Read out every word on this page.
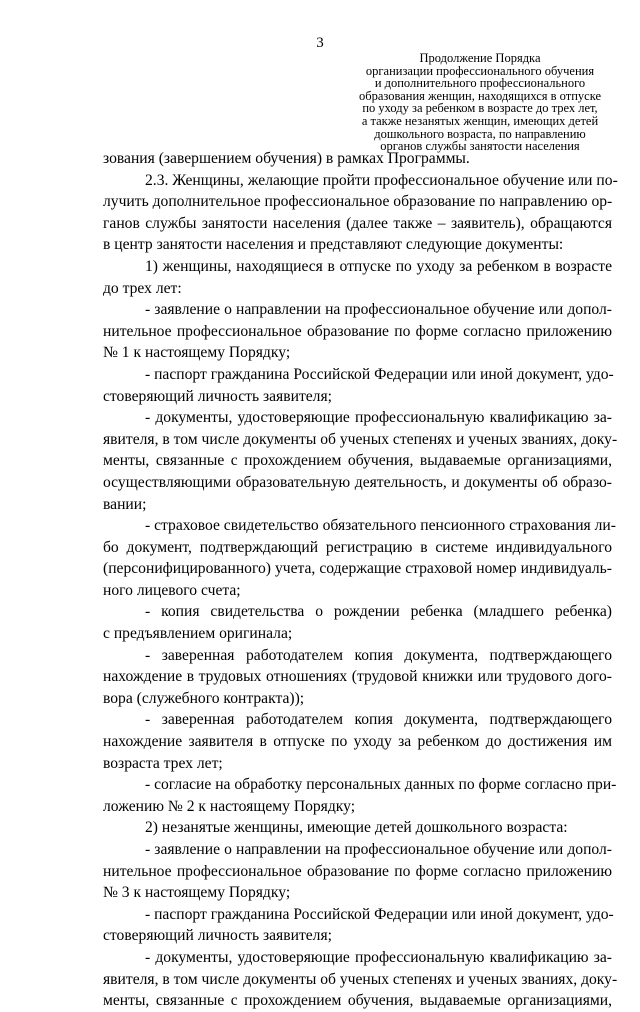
3
Продолжение Порядка
организации профессионального обучения
и дополнительного профессионального
образования женщин, находящихся в отпуске
по уходу за ребенком в возрасте до трех лет,
а также незанятых женщин, имеющих детей
дошкольного возраста, по направлению
органов службы занятости населения
зования (завершением обучения) в рамках Программы.
2.3. Женщины, желающие пройти профессиональное обучение или по-
лучить дополнительное профессиональное образование по направлению ор-
ганов службы занятости населения (далее также – заявитель), обращаются
в центр занятости населения и представляют следующие документы:
1) женщины, находящиеся в отпуске по уходу за ребенком в возрасте
до трех лет:
- заявление о направлении на профессиональное обучение или допол-
нительное профессиональное образование по форме согласно приложению
№ 1 к настоящему Порядку;
- паспорт гражданина Российской Федерации или иной документ, удо-
стоверяющий личность заявителя;
- документы, удостоверяющие профессиональную квалификацию за-
явителя, в том числе документы об ученых степенях и ученых званиях, доку-
менты, связанные с прохождением обучения, выдаваемые организациями,
осуществляющими образовательную деятельность, и документы об образо-
вании;
- страховое свидетельство обязательного пенсионного страхования ли-
бо документ, подтверждающий регистрацию в системе индивидуального
(персонифицированного) учета, содержащие страховой номер индивидуаль-
ного лицевого счета;
- копия свидетельства о рождении ребенка (младшего ребенка)
с предъявлением оригинала;
- заверенная работодателем копия документа, подтверждающего
нахождение в трудовых отношениях (трудовой книжки или трудового дого-
вора (служебного контракта));
- заверенная работодателем копия документа, подтверждающего
нахождение заявителя в отпуске по уходу за ребенком до достижения им
возраста трех лет;
- согласие на обработку персональных данных по форме согласно при-
ложению № 2 к настоящему Порядку;
2) незанятые женщины, имеющие детей дошкольного возраста:
- заявление о направлении на профессиональное обучение или допол-
нительное профессиональное образование по форме согласно приложению
№ 3 к настоящему Порядку;
- паспорт гражданина Российской Федерации или иной документ, удо-
стоверяющий личность заявителя;
- документы, удостоверяющие профессиональную квалификацию за-
явителя, в том числе документы об ученых степенях и ученых званиях, доку-
менты, связанные с прохождением обучения, выдаваемые организациями,
